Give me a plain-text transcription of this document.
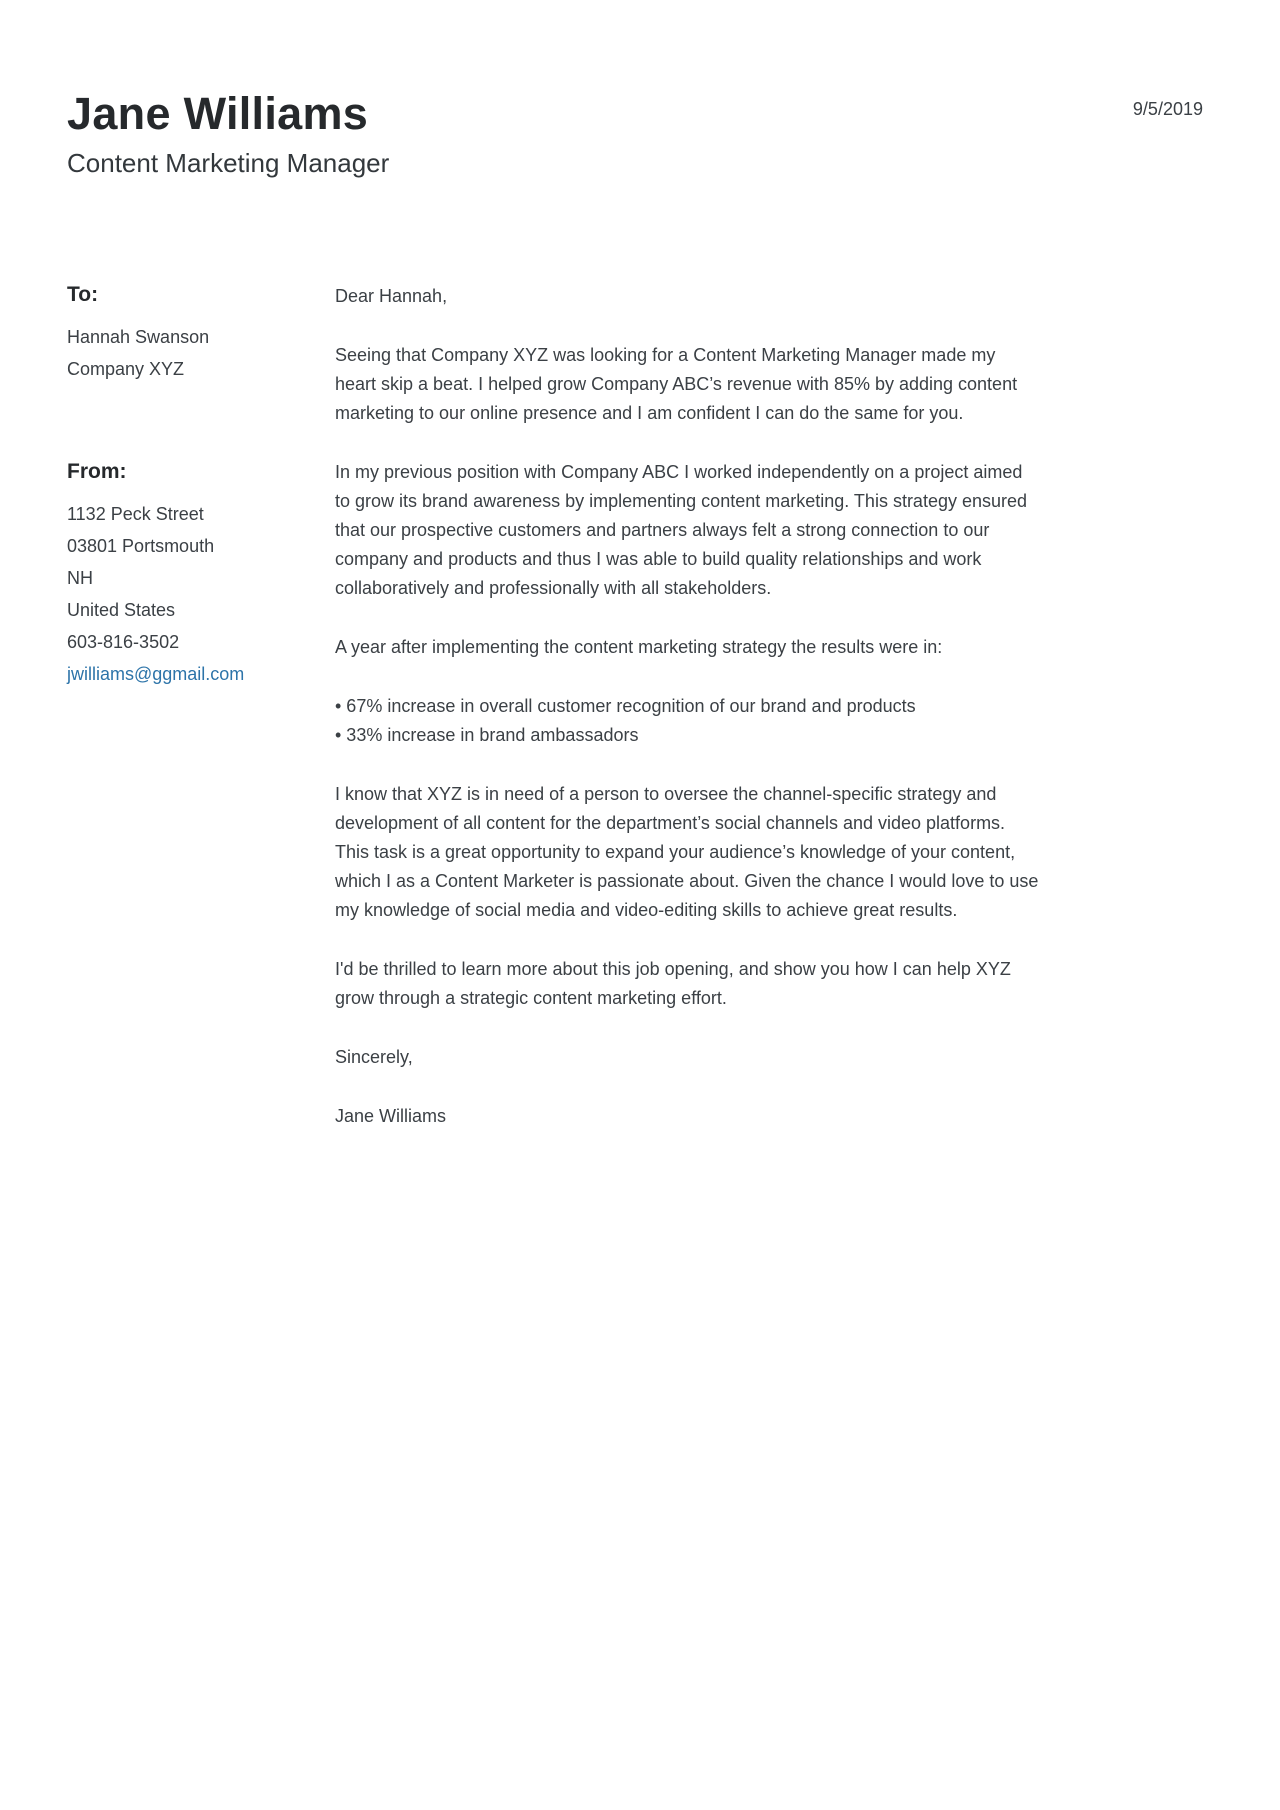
Jane Williams
Content Marketing Manager
9/5/2019
To:
Hannah Swanson
Company XYZ
From:
1132 Peck Street
03801 Portsmouth
NH
United States
603-816-3502
jwilliams@ggmail.com

Dear Hannah,

Seeing that Company XYZ was looking for a Content Marketing Manager made my heart skip a beat. I helped grow Company ABC’s revenue with 85% by adding content marketing to our online presence and I am confident I can do the same for you.

In my previous position with Company ABC I worked independently on a project aimed to grow its brand awareness by implementing content marketing. This strategy ensured that our prospective customers and partners always felt a strong connection to our company and products and thus I was able to build quality relationships and work collaboratively and professionally with all stakeholders.

A year after implementing the content marketing strategy the results were in:

• 67% increase in overall customer recognition of our brand and products
• 33% increase in brand ambassadors

I know that XYZ is in need of a person to oversee the channel-specific strategy and development of all content for the department’s social channels and video platforms. This task is a great opportunity to expand your audience’s knowledge of your content, which I as a Content Marketer is passionate about. Given the chance I would love to use my knowledge of social media and video-editing skills to achieve great results.

I'd be thrilled to learn more about this job opening, and show you how I can help XYZ grow through a strategic content marketing effort.

Sincerely,

Jane Williams
